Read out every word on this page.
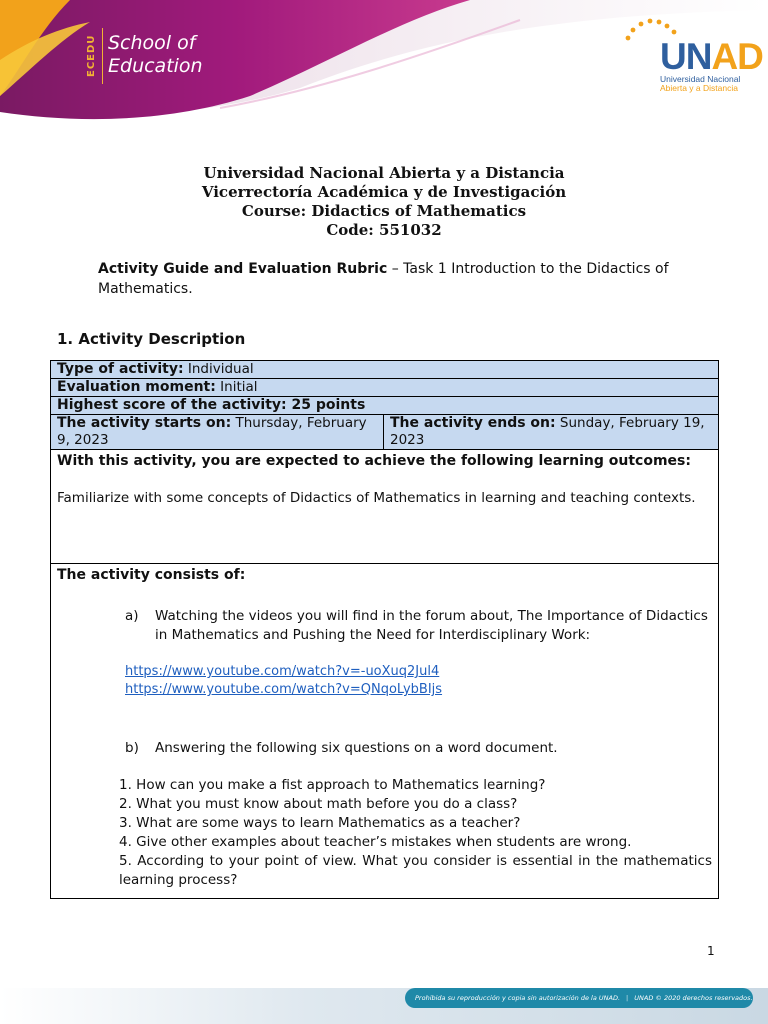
ECEDU School of
Education	UNAD
Universidad Nacional
Abierta y a Distancia
Universidad Nacional Abierta y a Distancia
Vicerrectoría Académica y de Investigación
Course: Didactics of Mathematics
Code: 551032
Activity Guide and Evaluation Rubric – Task 1 Introduction to the Didactics of Mathematics.
1. Activity Description
Type of activity: Individual
Evaluation moment: Initial
Highest score of the activity: 25 points
The activity starts on: Thursday, February 9, 2023	The activity ends on: Sunday, February 19, 2023

With this activity, you are expected to achieve the following learning outcomes:
Familiarize with some concepts of Didactics of Mathematics in learning and teaching contexts.

The activity consists of:
a)	Watching the videos you will find in the forum about, The Importance of Didactics in Mathematics and Pushing the Need for Interdisciplinary Work:
https://www.youtube.com/watch?v=-uoXuq2Jul4
https://www.youtube.com/watch?v=QNqoLybBIjs
b)	Answering the following six questions on a word document.
1. How can you make a fist approach to Mathematics learning?
2. What you must know about math before you do a class?
3. What are some ways to learn Mathematics as a teacher?
4. Give other examples about teacher’s mistakes when students are wrong.
5. According to your point of view. What you consider is essential in the mathematics learning process?
1
Prohibida su reproducción y copia sin autorización de la UNAD. | UNAD © 2020 derechos reservados.
